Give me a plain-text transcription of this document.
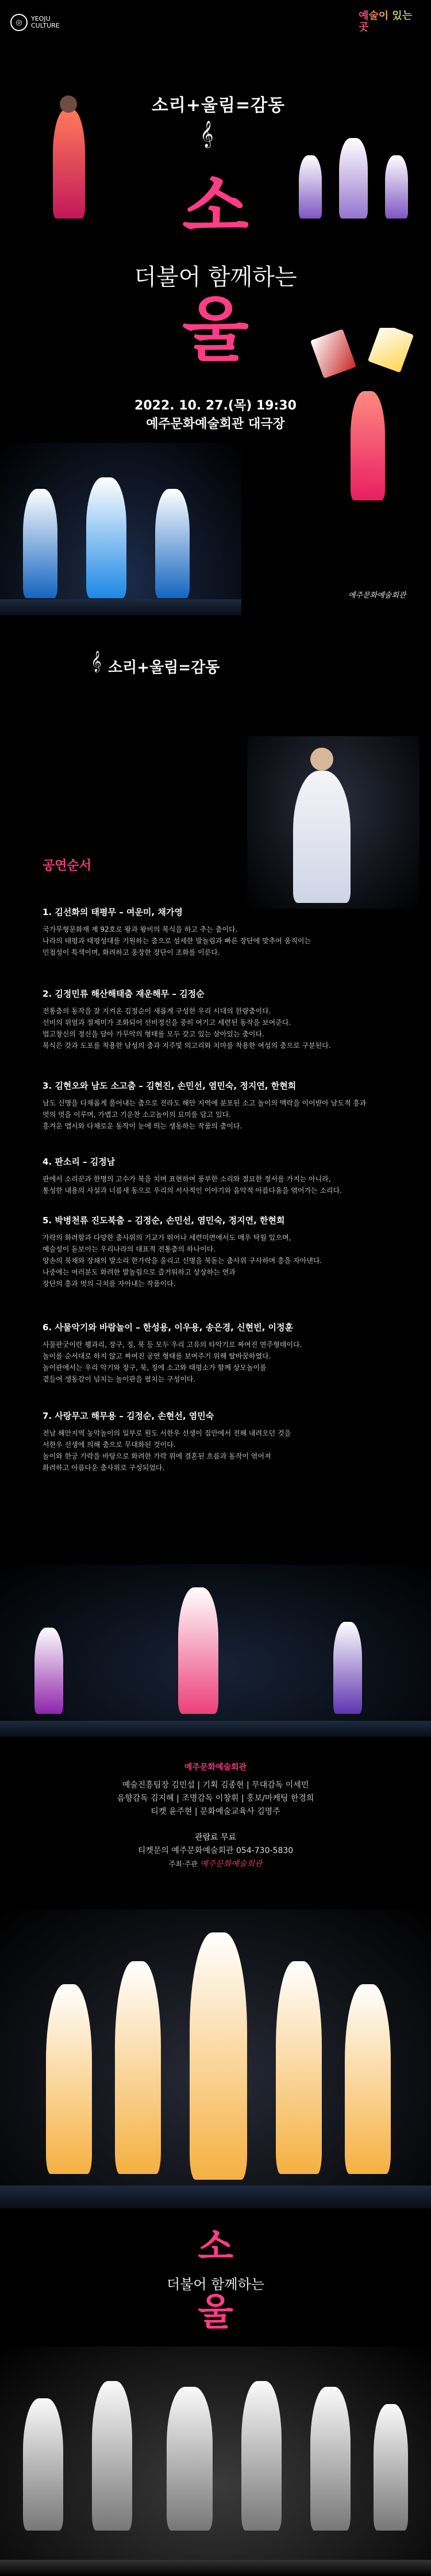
◎	YEOJU
CULTURE
예술이 있는 곳
소리+울림=감동
𝄞
소
더불어 함께하는
울
2022. 10. 27.(목) 19:30
예주문화예술회관 대극장
예주문화예술회관
𝄞 소리+울림=감동
공연순서
1. 김선화의 태평무 – 여운미, 채가영
국가무형문화재 제 92호로 왕과 왕비의 복식을 하고 추는 춤이다.
나라의 태평과 태평성대를 기원하는 춤으로 섬세한 발놀림과 빠른 장단에 맞추어 움직이는
민첩성이 특색이며, 화려하고 웅장한 장단이 조화를 이룬다.
2. 김정민류 해산해태춤 재운해무 – 김정순
전통춤의 동작을 잘 지켜온 김정순이 새롭게 구성한 우리 시대의 한량춤이다.
선비의 위엄과 절제미가 조화되어 선비정신을 중히 여기고 세련된 동작을 보여준다.
법고창신의 정신을 담아 가무악의 형태를 모두 갖고 있는 살아있는 춤이다.
복식은 갓과 도포를 착용한 남성의 춤과 지주빛 의고리와 치마를 착용한 여성의 춤으로 구분된다.
3. 김현오와 남도 소고춤 – 김현진, 손민선, 염민숙, 정지연, 한현희
남도 신명을 다채롭게 풀어내는 춤으로 전라도 해안 지역에 분포된 소고 놀이의 맥락을 이어받아 남도적 흥과
멋의 멋을 이루며, 가볍고 기운찬 소고놀이의 묘미를 담고 있다.
흥겨운 맵시와 다채로운 동작이 눈에 띄는 생동하는 작품의 춤이다.
4. 판소리 – 김정남
판에서 소리꾼과 한명의 고수가 북을 치며 표현하여 풍부한 소리와 절묘한 정서를 가지는 아니라,
통성한 내용의 사설과 너름새 동으로 우리의 서사적인 이야기와 음악적 아름다움을 엮어가는 소리다.
5. 박병천류 진도북춤 – 김정순, 손민선, 염민숙, 정지연, 한현희
가락의 화려함과 다양한 춤사위의 기교가 뛰어나 세련미면에서도 매우 탁월 있으며,
예술성이 돋보이는 우리나라의 대표적 전통춤의 하나이다.
양손의 북채와 장쇄의 발소리 한가락을 울리고 신명을 북돋는 춤사위 구사하며 흥을 자아낸다.
나중에는 여러분도 화려한 발놀림으로 즐거워하고 상상하는 연과
장단의 흥과 멋의 극치를 자아내는 작품이다.
6. 사물악기와 바람놀이 – 한성용, 이우용, 송은경, 신현빈, 이정훈
사물판굿이란 꽹과리, 장구, 징, 북 등 모두 우리 고유의 타악기로 짜여진 연주형태이다.
놀이를 순서대로 하지 않고 짜여진 공연 형태를 보여주기 위해 탈바꿈하였다.
놀이판에서는 우리 악기와 장구, 북, 징에 소고와 태평소가 함께 상모놀이를
곁들여 생동감이 넘치는 놀이판을 펼치는 구성이다.
7. 사랑무고 해무용 – 김정순, 손현선, 염민숙
전남 해안지역 농악놀이의 일부로 원도 서한우 선생이 집안에서 전해 내려오던 것을
서한우 선생에 의해 춤으로 무대화된 것이다.
놀이와 한궁 가락을 바탕으로 화려한 가락 위에 결혼된 흐름과 동작이 엮어져
화려하고 아름다운 춤사위로 구성되었다.
예주문화예술회관
예술진흥팀장 김민섭 | 기획 김종현 | 무대감독 이세민
음향감독 김지혜 | 조명감독 이창휘 | 홍보/마케팅 한경희
티켓 윤주현 | 문화예술교육사 김명주
관람료 무료
티켓문의 예주문화예술회관 054-730-5830
주최·주관 예주문화예술회관
소
더불어 함께하는
울
